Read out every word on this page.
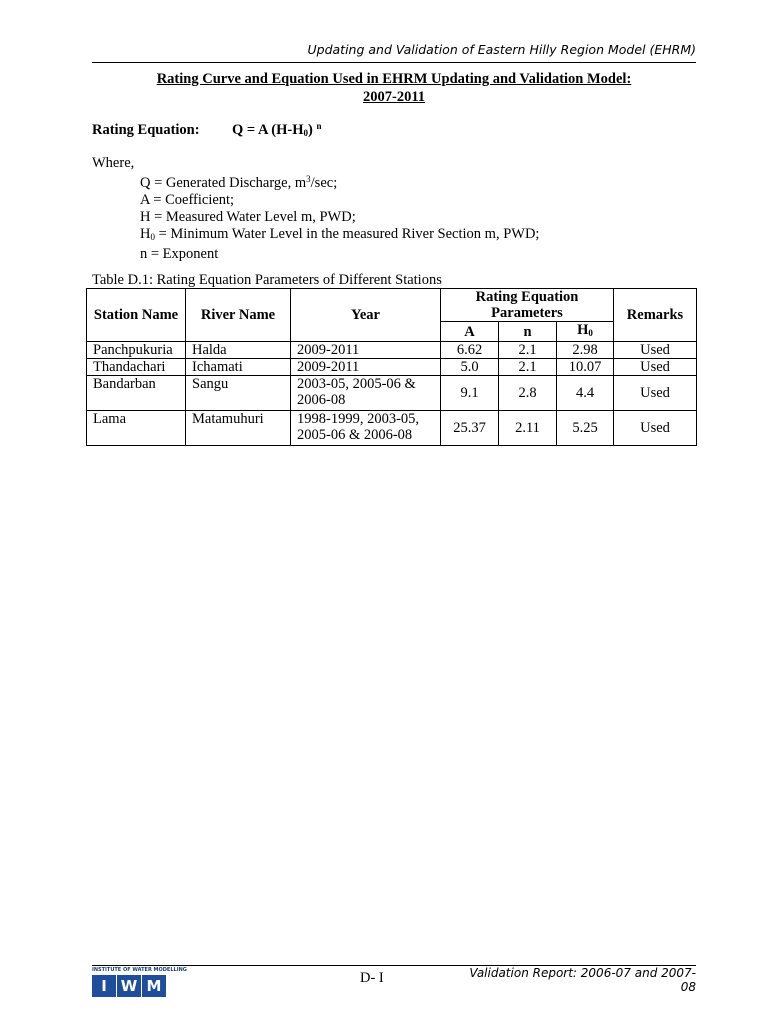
Updating and Validation of Eastern Hilly Region Model (EHRM)
Rating Curve and Equation Used in EHRM Updating and Validation Model:
2007-2011
Rating Equation: Q = A $(H-H_0)$ $^n$
Where,
Q = Generated Discharge, $m^3/\sec$;
A = Coefficient;
H = Measured Water Level m, PWD;
$H_0$ = Minimum Water Level in the measured River Section m, PWD;
n = Exponent
Table D.1: Rating Equation Parameters of Different Stations
Station Name	River Name	Year	Rating Equation Parameters			Remarks
			A	n	$H_0$
Panchpukuria	Halda	2009-2011	6.62	2.1	2.98	Used
Thandachari	Ichamati	2009-2011	5.0	2.1	10.07	Used
Bandarban	Sangu	2003-05, 2005-06 & 2006-08	9.1	2.8	4.4	Used
Lama	Matamuhuri	1998-1999, 2003-05, 2005-06 & 2006-08	25.37	2.11	5.25	Used
INSTITUTE OF WATER MODELLING
I W M	D- I	Validation Report: 2006-07 and 2007-08
